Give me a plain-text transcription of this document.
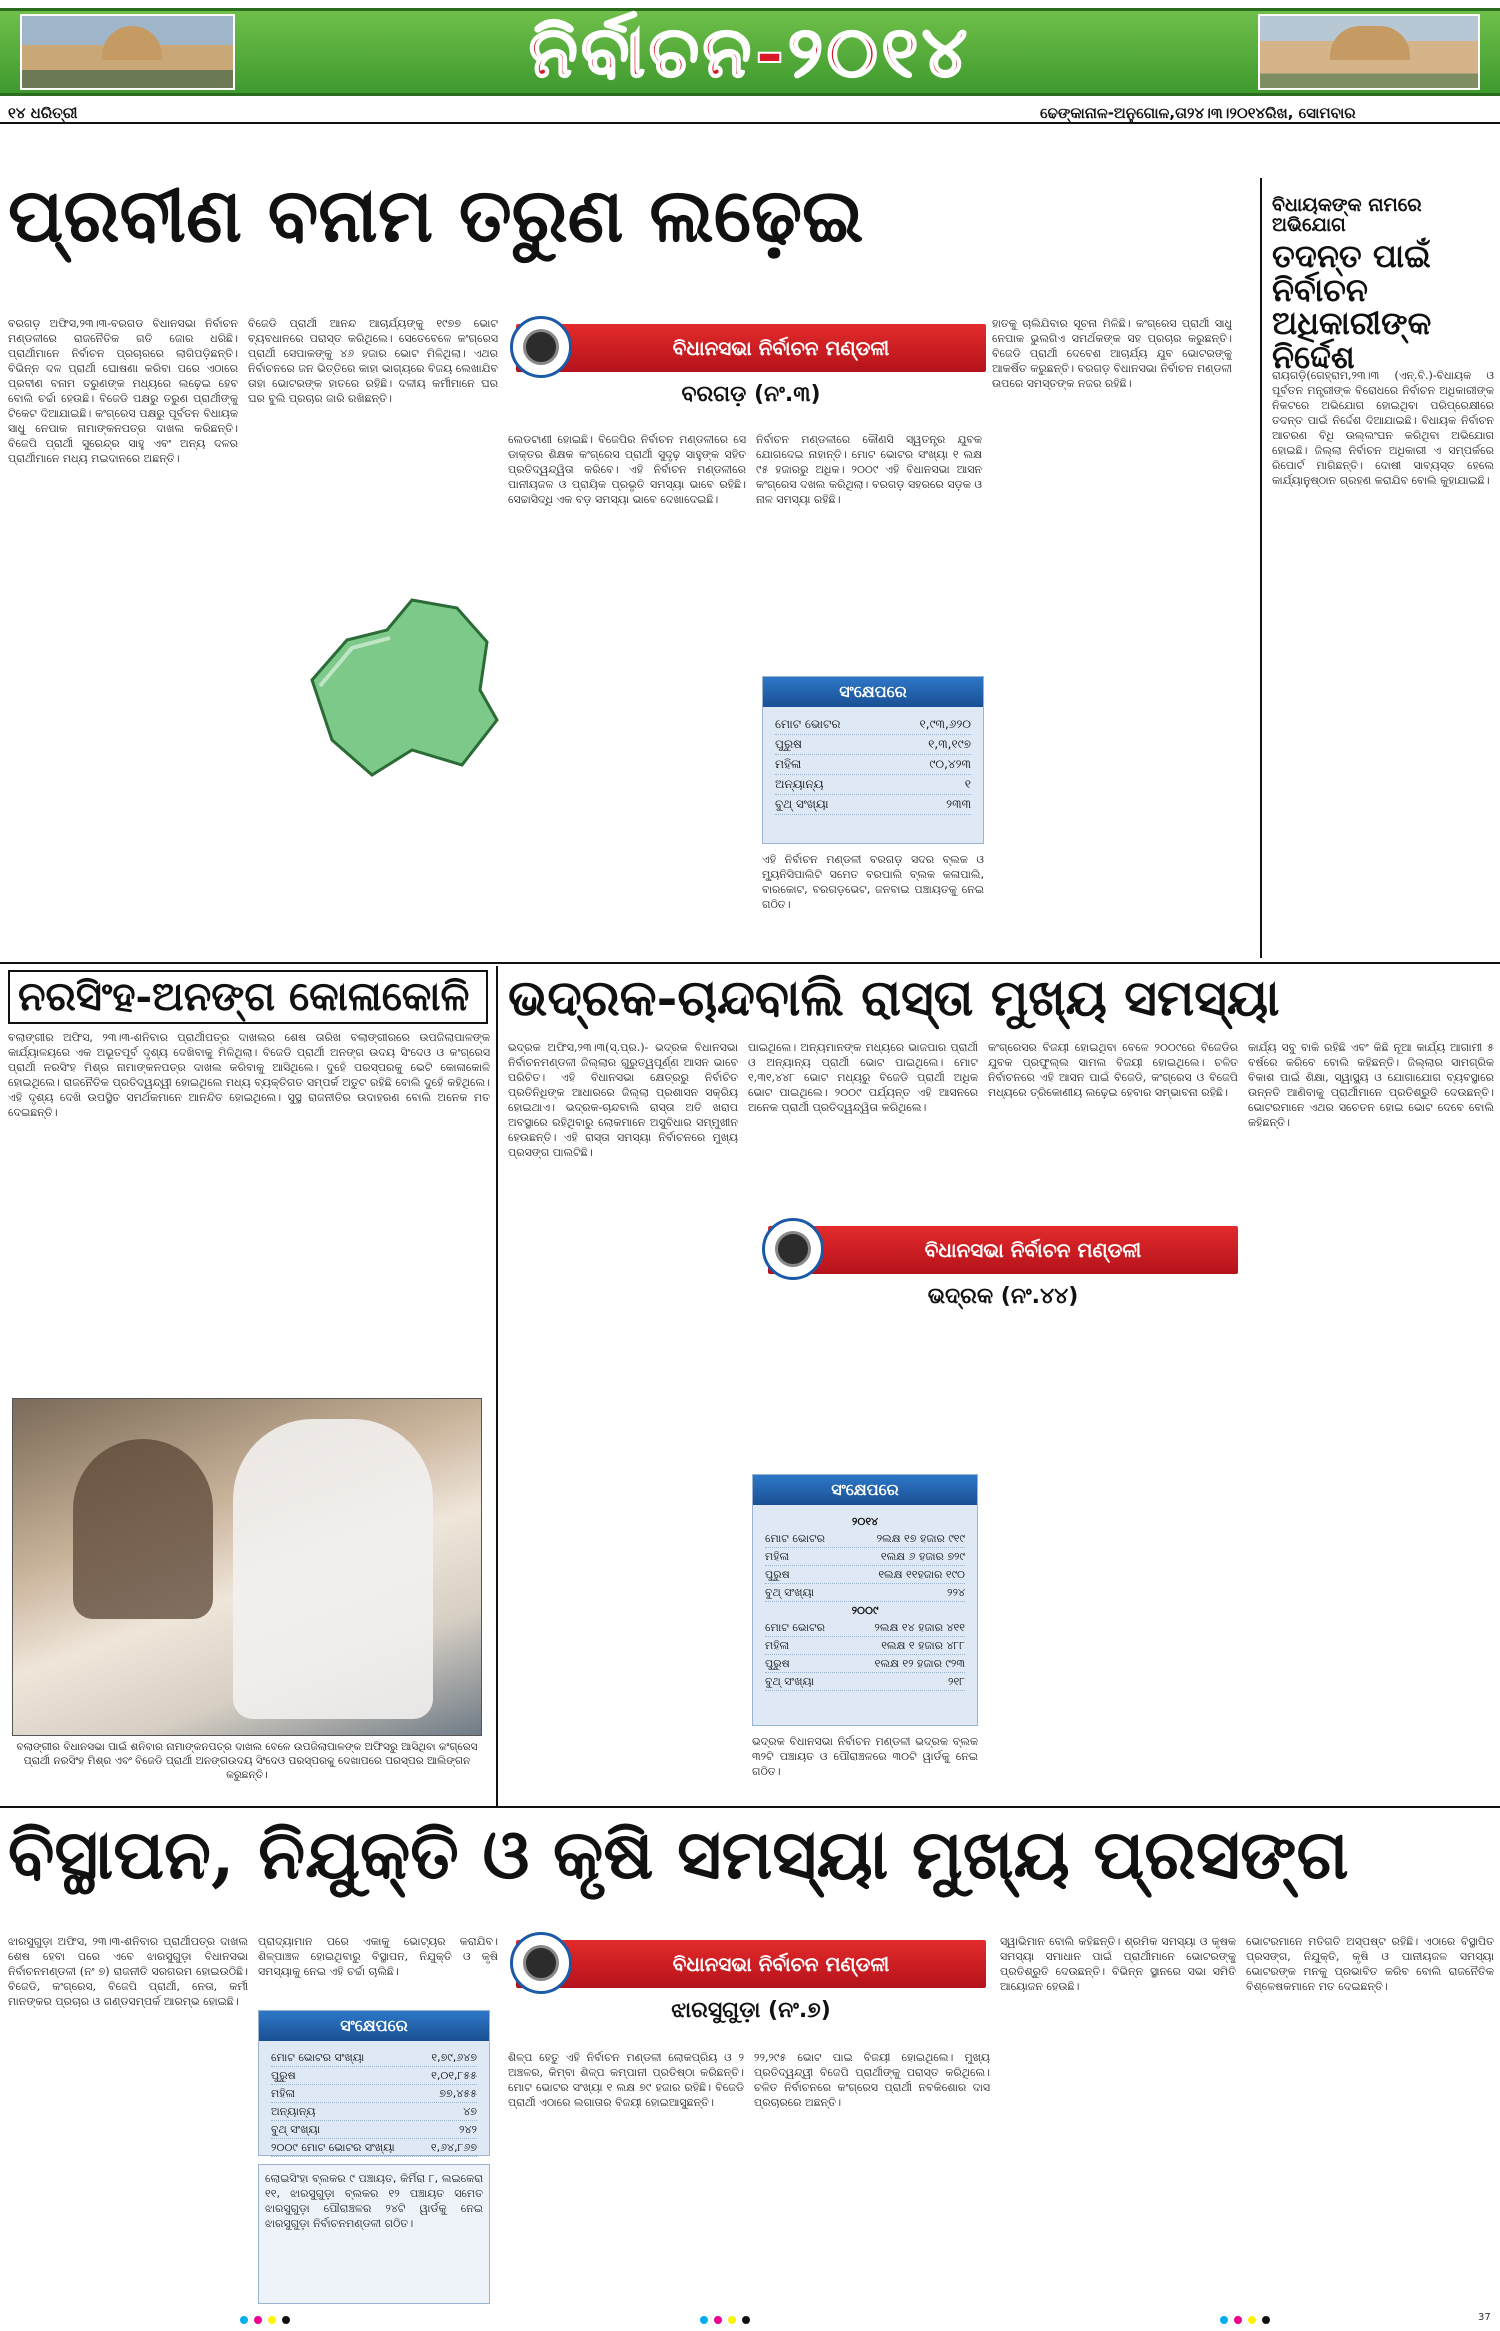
ନିର୍ବାଚନ-୨୦୧୪
୧୪ ଧରିତ୍ରୀ	ଢେଙ୍କାନାଳ-ଅନୁଗୋଳ,ତା୨୪।୩।୨୦୧୪ରିଖ, ସୋମବାର
ପ୍ରବୀଣ ବନାମ ତରୁଣ ଲଢ଼େଇ
ବରଗଡ଼ ଅଫିସ,୨୩।୩-ବରଗଡ ବିଧାନସଭା ନିର୍ବାଚନ ମଣ୍ଡଳୀରେ ରାଜନୈତିକ ଗତି ଜୋର ଧରିଛି। ପ୍ରାର୍ଥୀମାନେ ନିର୍ବାଚନ ପ୍ରଚାରରେ ଲାଗିପଡ଼ିଛନ୍ତି। ବିଭିନ୍ନ ଦଳ ପ୍ରାର୍ଥୀ ଘୋଷଣା କରିବା ପରେ ଏଠାରେ ପ୍ରବୀଣ ବନାମ ତରୁଣଙ୍କ ମଧ୍ୟରେ ଲଢ଼େଇ ହେବ ବୋଲି ଚର୍ଚ୍ଚା ହେଉଛି। ବିଜେଡି ପକ୍ଷରୁ ତରୁଣ ପ୍ରାର୍ଥୀଙ୍କୁ ଟିକେଟ ଦିଆଯାଇଛି। କଂଗ୍ରେସ ପକ୍ଷରୁ ପୂର୍ବତନ ବିଧାୟକ ସାଧୁ ନେପାକ ନାମାଙ୍କନପତ୍ର ଦାଖଲ କରିଛନ୍ତି। ବିଜେପି ପ୍ରାର୍ଥୀ ସୁରେନ୍ଦ୍ର ସାହୁ ଏବଂ ଅନ୍ୟ ଦଳର ପ୍ରାର୍ଥୀମାନେ ମଧ୍ୟ ମଇଦାନରେ ଅଛନ୍ତି।
ବିଜେଡି ପ୍ରାର୍ଥୀ ଆନନ୍ଦ ଆଚାର୍ଯ୍ୟଙ୍କୁ ୧୯୭୭ ଭୋଟ ବ୍ୟବଧାନରେ ପରାସ୍ତ କରିଥିଲେ। ସେତେବେଳେ କଂଗ୍ରେସ ପ୍ରାର୍ଥୀ ସେପାକଙ୍କୁ ୪୬ ହଜାର ଭୋଟ ମିଳିଥିଲା। ଏଥର ନିର୍ବାଚନରେ ଜନ ଭିତ୍ତିରେ କାହା ଭାଗ୍ୟରେ ବିଜୟ ଲେଖାଯିବ ତାହା ଭୋଟରଙ୍କ ହାତରେ ରହିଛି। ଦଳୀୟ କର୍ମୀମାନେ ଘର ଘର ବୁଲି ପ୍ରଚାର ଜାରି ରଖିଛନ୍ତି।
ବିଧାନସଭା ନିର୍ବାଚନ ମଣ୍ଡଳୀ
ବରଗଡ଼ (ନଂ.୩)
ଲେଡଟାଣୀ ହୋଇଛି। ବିଜେପିର ନିର୍ବାଚନ ମଣ୍ଡଳୀରେ ସେ ଡାକ୍ତର ଶିକ୍ଷକ କଂଗ୍ରେସ ପ୍ରାର୍ଥୀ ସୁଦୃଢ଼ ସାହୁଙ୍କ ସହିତ ପ୍ରତିଦ୍ୱନ୍ଦ୍ୱିତା କରିବେ। ଏହି ନିର୍ବାଚନ ମଣ୍ଡଳୀରେ ପାନୀୟଜଳ ଓ ପ୍ରାୟିକ ପ୍ରଭୃତି ସମସ୍ୟା ଭାବେ ରହିଛି। ସେଚ୍ଚାସିଦ୍ଧି ଏକ ବଡ଼ ସମସ୍ୟା ଭାବେ ଦେଖାଦେଇଛି।
ନିର୍ବାଚନ ମଣ୍ଡଳୀରେ କୌଣସି ସ୍ୱତନ୍ତ୍ର ଯୁବକ ଯୋଗଦେଇ ନାହାନ୍ତି। ମୋଟ ଭୋଟର ସଂଖ୍ୟା ୧ ଲକ୍ଷ ୯୫ ହଜାରରୁ ଅଧିକ। ୨୦୦୯ ଏହି ବିଧାନସଭା ଆସନ କଂଗ୍ରେସ ଦଖଲ କରିଥିଲା। ବରଗଡ଼ ସହରରେ ସଡ଼କ ଓ ନାଳ ସମସ୍ୟା ରହିଛି।
ସଂକ୍ଷେପରେ
ମୋଟ ଭୋଟର	୧,୯୩,୬୨୦
ପୁରୁଷ	୧,୩,୧୯୭
ମହିଳା	୯୦,୪୨୩
ଅନ୍ୟାନ୍ୟ	୧
ବୁଥ୍ ସଂଖ୍ୟା	୨୩୩
ଏହି ନିର୍ବାଚନ ମଣ୍ଡଳୀ ବରଗଡ଼ ସଦର ବ୍ଲକ ଓ ମ୍ୟୁନିସିପାଲିଟି ସମେତ ବରପାଲି ବ୍ଲକ କଳାପାଲି, ବାରକୋଟ, ବରଗଡ଼ଭେଟ, ଜନବାଇ ପଞ୍ଚାୟତକୁ ନେଇ ଗଠିତ।
ହାତକୁ ଚାଲିଯିବାର ସୂଚନା ମିଳିଛି। କଂଗ୍ରେସ ପ୍ରାର୍ଥୀ ସାଧୁ ନେପାକ ଭୁଲଗିଏ ସମର୍ଥକଙ୍କ ସହ ପ୍ରଚାର କରୁଛନ୍ତି। ବିଜେଡି ପ୍ରାର୍ଥୀ ଦେବେଶ ଆଚାର୍ଯ୍ୟ ଯୁବ ଭୋଟରଙ୍କୁ ଆକର୍ଷିତ କରୁଛନ୍ତି। ବରଗଡ଼ ବିଧାନସଭା ନିର୍ବାଚନ ମଣ୍ଡଳୀ ଉପରେ ସମସ୍ତଙ୍କ ନଜର ରହିଛି।
ବିଧାୟକଙ୍କ ନାମରେ ଅଭିଯୋଗ
ତଦନ୍ତ ପାଇଁ ନିର୍ବାଚନ ଅଧିକାରୀଙ୍କ ନିର୍ଦ୍ଦେଶ
ରାୟଗଡ଼ି(ଗେହ୍ରାମ,୨୩।୩ (ଏନ୍.ବି.)-ବିଧାୟକ ଓ ପୂର୍ବତନ ମନ୍ତ୍ରୀଙ୍କ ବିରୋଧରେ ନିର୍ବାଚନ ଅଧିକାରୀଙ୍କ ନିକଟରେ ଅଭିଯୋଗ ହୋଇଥିବା ପରିପ୍ରେକ୍ଷୀରେ ତଦନ୍ତ ପାଇଁ ନିର୍ଦ୍ଦେଶ ଦିଆଯାଇଛି। ବିଧାୟକ ନିର୍ବାଚନ ଆଚରଣ ବିଧି ଉଲ୍ଲଂଘନ କରିଥିବା ଅଭିଯୋଗ ହୋଇଛି। ଜିଲ୍ଲା ନିର୍ବାଚନ ଅଧିକାରୀ ଏ ସମ୍ପର୍କରେ ରିପୋର୍ଟ ମାଗିଛନ୍ତି। ଦୋଷୀ ସାବ୍ୟସ୍ତ ହେଲେ କାର୍ଯ୍ୟାନୁଷ୍ଠାନ ଗ୍ରହଣ କରାଯିବ ବୋଲି କୁହାଯାଇଛି।
ନରସିଂହ-ଅନଙ୍ଗ କୋଳାକୋଳି
ବଲାଙ୍ଗୀର ଅଫିସ, ୨୩।୩-ଶନିବାର ପ୍ରାର୍ଥୀପତ୍ର ଦାଖଲର ଶେଷ ତାରିଖ ବଲାଙ୍ଗୀରରେ ଉପଜିଲାପାଳଙ୍କ କାର୍ଯ୍ୟାଳୟରେ ଏକ ଅଭୂତପୂର୍ବ ଦୃଶ୍ୟ ଦେଖିବାକୁ ମିଳିଥିଲା। ବିଜେଡି ପ୍ରାର୍ଥୀ ଅନଙ୍ଗ ଉଦୟ ସିଂଦେଓ ଓ କଂଗ୍ରେସ ପ୍ରାର୍ଥୀ ନରସିଂହ ମିଶ୍ର ନାମାଙ୍କନପତ୍ର ଦାଖଲ କରିବାକୁ ଆସିଥିଲେ। ଦୁହେଁ ପରସ୍ପରକୁ ଭେଟି କୋଳାକୋଳି ହୋଇଥିଲେ। ରାଜନୈତିକ ପ୍ରତିଦ୍ୱନ୍ଦ୍ୱୀ ହୋଇଥିଲେ ମଧ୍ୟ ବ୍ୟକ୍ତିଗତ ସମ୍ପର୍କ ଅତୁଟ ରହିଛି ବୋଲି ଦୁହେଁ କହିଥିଲେ। ଏହି ଦୃଶ୍ୟ ଦେଖି ଉପସ୍ଥିତ ସମର୍ଥକମାନେ ଆନନ୍ଦିତ ହୋଇଥିଲେ। ସୁସ୍ଥ ରାଜନୀତିର ଉଦାହରଣ ବୋଲି ଅନେକ ମତ ଦେଇଛନ୍ତି।
ବଲାଙ୍ଗୀର ବିଧାନସଭା ପାଇଁ ଶନିବାର ନାମାଙ୍କନପତ୍ର ଦାଖଲ ବେଳେ ଉପଜିଲାପାଳଙ୍କ ଅଫିସରୁ ଆସିଥିବା କଂଗ୍ରେସ ପ୍ରାର୍ଥୀ ନରସିଂହ ମିଶ୍ର ଏବଂ ବିଜେଡି ପ୍ରାର୍ଥୀ ଅନଙ୍ଗଉଦୟ ସିଂଦେଓ ପରସ୍ପରକୁ ଦେଖାପରେ ପରସ୍ପର ଆଲିଙ୍ଗନ କରୁଛନ୍ତି।
ଭଦ୍ରକ-ଚାନ୍ଦବାଲି ରାସ୍ତା ମୁଖ୍ୟ ସମସ୍ୟା
ଭଦ୍ରକ ଅଫିସ,୨୩।୩(ସ୍.ପ୍ର.)- ଭଦ୍ରକ ବିଧାନସଭା ନିର୍ବାଚନମଣ୍ଡଳୀ ଜିଲ୍ଲାର ଗୁରୁତ୍ୱପୂର୍ଣ୍ଣ ଆସନ ଭାବେ ପରିଚିତ। ଏହି ବିଧାନସଭା କ୍ଷେତ୍ରରୁ ନିର୍ବାଚିତ ପ୍ରତିନିଧିଙ୍କ ଆଧାରରେ ଜିଲ୍ଲା ପ୍ରଶାସନ ସକ୍ରିୟ ହୋଇଥାଏ। ଭଦ୍ରକ-ଚାନ୍ଦବାଲି ରାସ୍ତା ଅତି ଖରାପ ଅବସ୍ଥାରେ ରହିଥିବାରୁ ଲୋକମାନେ ଅସୁବିଧାର ସମ୍ମୁଖୀନ ହେଉଛନ୍ତି। ଏହି ରାସ୍ତା ସମସ୍ୟା ନିର୍ବାଚନରେ ମୁଖ୍ୟ ପ୍ରସଙ୍ଗ ପାଲଟିଛି।
ପାଇଥିଲେ। ଅନ୍ୟମାନଙ୍କ ମଧ୍ୟରେ ଭାଜପାର ପ୍ରାର୍ଥୀ ଓ ଅନ୍ୟାନ୍ୟ ପ୍ରାର୍ଥୀ ଭୋଟ ପାଇଥିଲେ। ମୋଟ ୧,୩୧,୪୪୮ ଭୋଟ ମଧ୍ୟରୁ ବିଜେଡି ପ୍ରାର୍ଥୀ ଅଧିକ ଭୋଟ ପାଇଥିଲେ। ୨୦୦୯ ପର୍ଯ୍ୟନ୍ତ ଏହି ଆସନରେ ଅନେକ ପ୍ରାର୍ଥୀ ପ୍ରତିଦ୍ୱନ୍ଦ୍ୱିତା କରିଥିଲେ।
ବିଧାନସଭା ନିର୍ବାଚନ ମଣ୍ଡଳୀ
ଭଦ୍ରକ (ନଂ.୪୪)
ସଂକ୍ଷେପରେ
୨୦୧୪
ମୋଟ ଭୋଟର	୨ଲକ୍ଷ ୧୭ ହଜାର ୯୧୯
ମହିଳା	୧ଲକ୍ଷ ୬ ହଜାର ୭୨୯
ପୁରୁଷ	୧ଲକ୍ଷ ୧୧ହଜାର ୧୯୦
ବୁଥ୍ ସଂଖ୍ୟା	୨୨୪
୨୦୦୯
ମୋଟ ଭୋଟର	୨ଲକ୍ଷ ୧୪ ହଜାର ୪୧୧
ମହିଳା	୧ଲକ୍ଷ ୧ ହଜାର ୪୮୮
ପୁରୁଷ	୧ଲକ୍ଷ ୧୨ ହଜାର ୯୨୩
ବୁଥ୍ ସଂଖ୍ୟା	୨୧୮
ଭଦ୍ରକ ବିଧାନସଭା ନିର୍ବାଚନ ମଣ୍ଡଳୀ ଭଦ୍ରକ ବ୍ଲକ ୩୨ଟି ପଞ୍ଚାୟତ ଓ ପୌରାଞ୍ଚଳରେ ୩୦ଟି ୱାର୍ଡକୁ ନେଇ ଗଠିତ।
କଂଗ୍ରେସର ବିଜୟୀ ହୋଇଥିବା ବେଳେ ୨୦୦୯ରେ ବିଜେଡିର ଯୁବକ ପ୍ରଫୁଲ୍ଲ ସାମଲ ବିଜୟୀ ହୋଇଥିଲେ। ଚଳିତ ନିର୍ବାଚନରେ ଏହି ଆସନ ପାଇଁ ବିଜେଡି, କଂଗ୍ରେସ ଓ ବିଜେପି ମଧ୍ୟରେ ତ୍ରିକୋଣୀୟ ଲଢ଼େଇ ହେବାର ସମ୍ଭାବନା ରହିଛି।
କାର୍ଯ୍ୟ ସବୁ ବାକି ରହିଛି ଏବଂ କିଛି ନୂଆ କାର୍ଯ୍ୟ ଆଗାମୀ ୫ ବର୍ଷରେ କରିବେ ବୋଲି କହିଛନ୍ତି। ଜିଲ୍ଲାର ସାମଗ୍ରିକ ବିକାଶ ପାଇଁ ଶିକ୍ଷା, ସ୍ୱାସ୍ଥ୍ୟ ଓ ଯୋଗାଯୋଗ ବ୍ୟବସ୍ଥାରେ ଉନ୍ନତି ଆଣିବାକୁ ପ୍ରାର୍ଥୀମାନେ ପ୍ରତିଶ୍ରୁତି ଦେଉଛନ୍ତି। ଭୋଟରମାନେ ଏଥର ସଚେତନ ହୋଇ ଭୋଟ ଦେବେ ବୋଲି କହିଛନ୍ତି।
ବିସ୍ଥାପନ, ନିଯୁକ୍ତି ଓ କୃଷି ସମସ୍ୟା ମୁଖ୍ୟ ପ୍ରସଙ୍ଗ
ଝାରସୁଗୁଡ଼ା ଅଫିସ, ୨୩।୩-ଶନିବାର ପ୍ରାର୍ଥୀପତ୍ର ଦାଖଲ ଶେଷ ହେବା ପରେ ଏବେ ଝାରସୁଗୁଡ଼ା ବିଧାନସଭା ନିର୍ବାଚନମଣ୍ଡଳୀ (ନଂ ୭) ରାଜନୀତି ସରଗରମ ହୋଇଉଠିଛି। ବିଜେଡି, କଂଗ୍ରେସ, ବିଜେପି ପ୍ରାର୍ଥୀ, ନେତା, କର୍ମୀ ମାନଙ୍କର ପ୍ରଚାର ଓ ଗଣ୍ଡସମ୍ପର୍କ ଆରମ୍ଭ ହୋଇଛି।
ପ୍ରାଦ୍ୟାମାନ ପରେ ଏକାକୁ ଭୋଟ୍ୟର କରାଯିବ। ଶିଳ୍ପାଞ୍ଚଳ ହୋଇଥିବାରୁ ବିସ୍ଥାପନ, ନିଯୁକ୍ତି ଓ କୃଷି ସମସ୍ୟାକୁ ନେଇ ଏହି ଚର୍ଚ୍ଚା ଚାଲିଛି।
ସଂକ୍ଷେପରେ
ମୋଟ ଭୋଟର ସଂଖ୍ୟା	୧,୭୯,୬୪୭
ପୁରୁଷ	୧,୦୧,୮୫୫
ମହିଳା	୭୭,୪୫୫
ଅନ୍ୟାନ୍ୟ	୪୭
ବୁଥ୍ ସଂଖ୍ୟା	୨୪୨
୨୦୦୯ ମୋଟ ଭୋଟର ସଂଖ୍ୟା	୧,୬୪,୮୬୭
ଲୋଇସିଂହା ବ୍ଲକର ୯ ପଞ୍ଚାୟତ, କିର୍ମିରା ୮, ଲଇକେରା ୧୧, ଝାରସୁଗୁଡ଼ା ବ୍ଲକର ୧୨ ପଞ୍ଚାୟତ ସମେତ ଝାରସୁଗୁଡ଼ା ପୌରାଞ୍ଚଳର ୨୪ଟି ୱାର୍ଡକୁ ନେଇ ଝାରସୁଗୁଡ଼ା ନିର୍ବାଚନମଣ୍ଡଳୀ ଗଠିତ।
ବିଧାନସଭା ନିର୍ବାଚନ ମଣ୍ଡଳୀ
ଝାରସୁଗୁଡ଼ା (ନଂ.୭)
ଶିଳ୍ପ ହେତୁ ଏହି ନିର୍ବାଚନ ମଣ୍ଡଳୀ ଲୋକପ୍ରିୟ ଓ ୨ ଅଞ୍ଚଳର, କିମ୍ବା ଶିଳ୍ପ କମ୍ପାନୀ ପ୍ରତିଷ୍ଠା କରିଛନ୍ତି। ମୋଟ ଭୋଟର ସଂଖ୍ୟା ୧ ଲକ୍ଷ ୭୯ ହଜାର ରହିଛି। ବିଜେଡି ପ୍ରାର୍ଥୀ ଏଠାରେ ଲଗାତାର ବିଜୟୀ ହୋଇଆସୁଛନ୍ତି।
୨୨,୨୯୫ ଭୋଟ ପାଇ ବିଜୟୀ ହୋଇଥିଲେ। ମୁଖ୍ୟ ପ୍ରତିଦ୍ୱନ୍ଦ୍ୱୀ ବିଜେପି ପ୍ରାର୍ଥୀଙ୍କୁ ପରାସ୍ତ କରିଥିଲେ। ଚଳିତ ନିର୍ବାଚନରେ କଂଗ୍ରେସ ପ୍ରାର୍ଥୀ ନବକିଶୋର ଦାସ ପ୍ରଚାରରେ ଅଛନ୍ତି।
ସ୍ୱାଭିମାନ ବୋଲି କହିଛନ୍ତି। ଶ୍ରମିକ ସମସ୍ୟା ଓ କୃଷକ ସମସ୍ୟା ସମାଧାନ ପାଇଁ ପ୍ରାର୍ଥୀମାନେ ଭୋଟରଙ୍କୁ ପ୍ରତିଶ୍ରୁତି ଦେଉଛନ୍ତି। ବିଭିନ୍ନ ସ୍ଥାନରେ ସଭା ସମିତି ଆୟୋଜନ ହେଉଛି।
ଭୋଟରମାନେ ମତିଗତି ଅସ୍ପଷ୍ଟ ରହିଛି। ଏଠାରେ ବିସ୍ଥାପିତ ପ୍ରସଙ୍ଗ, ନିଯୁକ୍ତି, କୃଷି ଓ ପାନୀୟଜଳ ସମସ୍ୟା ଭୋଟରଙ୍କ ମନକୁ ପ୍ରଭାବିତ କରିବ ବୋଲି ରାଜନୈତିକ ବିଶ୍ଳେଷକମାନେ ମତ ଦେଇଛନ୍ତି।
37
